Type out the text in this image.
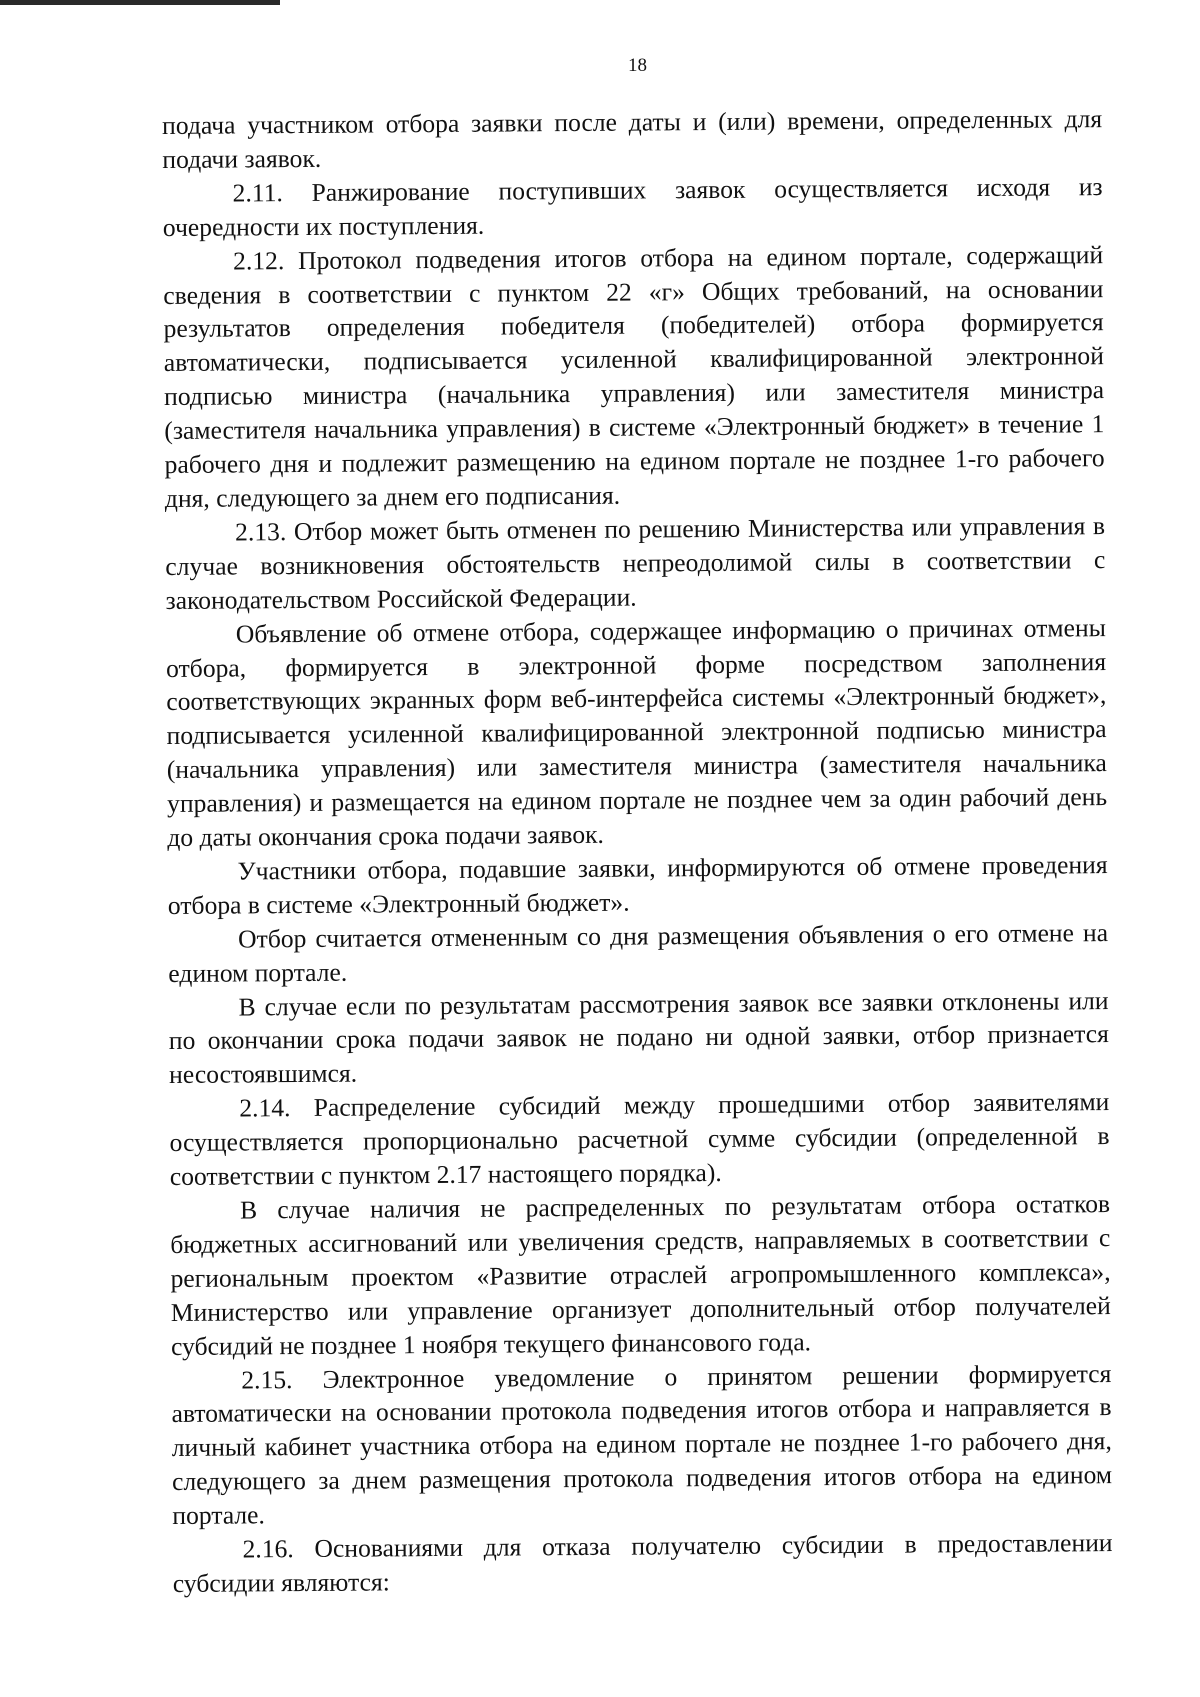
18

подача участником отбора заявки после даты и (или) времени, определенных для подачи заявок.

2.11. Ранжирование поступивших заявок осуществляется исходя из очередности их поступления.

2.12. Протокол подведения итогов отбора на едином портале, содержащий сведения в соответствии с пунктом 22 «г» Общих требований, на основании результатов определения победителя (победителей) отбора формируется автоматически, подписывается усиленной квалифицированной электронной подписью министра (начальника управления) или заместителя министра (заместителя начальника управления) в системе «Электронный бюджет» в течение 1 рабочего дня и подлежит размещению на едином портале не позднее 1-го рабочего дня, следующего за днем его подписания.

2.13. Отбор может быть отменен по решению Министерства или управления в случае возникновения обстоятельств непреодолимой силы в соответствии с законодательством Российской Федерации.

Объявление об отмене отбора, содержащее информацию о причинах отмены отбора, формируется в электронной форме посредством заполнения соответствующих экранных форм веб-интерфейса системы «Электронный бюджет», подписывается усиленной квалифицированной электронной подписью министра (начальника управления) или заместителя министра (заместителя начальника управления) и размещается на едином портале не позднее чем за один рабочий день до даты окончания срока подачи заявок.

Участники отбора, подавшие заявки, информируются об отмене проведения отбора в системе «Электронный бюджет».

Отбор считается отмененным со дня размещения объявления о его отмене на едином портале.

В случае если по результатам рассмотрения заявок все заявки отклонены или по окончании срока подачи заявок не подано ни одной заявки, отбор признается несостоявшимся.

2.14. Распределение субсидий между прошедшими отбор заявителями осуществляется пропорционально расчетной сумме субсидии (определенной в соответствии с пунктом 2.17 настоящего порядка).

В случае наличия не распределенных по результатам отбора остатков бюджетных ассигнований или увеличения средств, направляемых в соответствии с региональным проектом «Развитие отраслей агропромышленного комплекса», Министерство или управление организует дополнительный отбор получателей субсидий не позднее 1 ноября текущего финансового года.

2.15. Электронное уведомление о принятом решении формируется автоматически на основании протокола подведения итогов отбора и направляется в личный кабинет участника отбора на едином портале не позднее 1-го рабочего дня, следующего за днем размещения протокола подведения итогов отбора на едином портале.

2.16. Основаниями для отказа получателю субсидии в предоставлении субсидии являются:
